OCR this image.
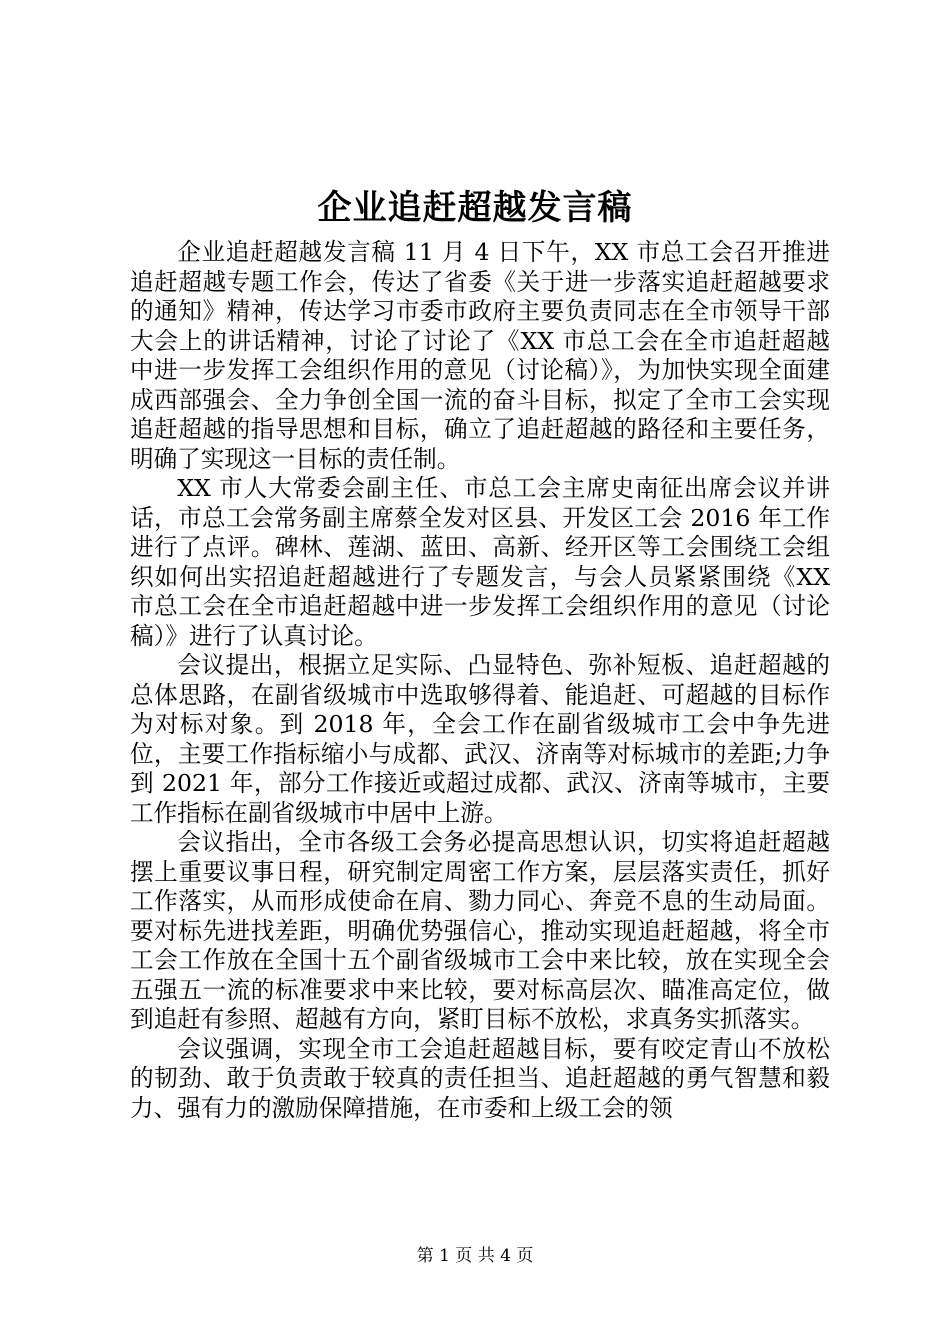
企业追赶超越发言稿

企业追赶超越发言稿 11 月 4 日下午，XX 市总工会召开推进追赶超越专题工作会，传达了省委《关于进一步落实追赶超越要求的通知》精神，传达学习市委市政府主要负责同志在全市领导干部大会上的讲话精神，讨论了讨论了《XX 市总工会在全市追赶超越中进一步发挥工会组织作用的意见（讨论稿）》，为加快实现全面建成西部强会、全力争创全国一流的奋斗目标，拟定了全市工会实现追赶超越的指导思想和目标，确立了追赶超越的路径和主要任务，明确了实现这一目标的责任制。

XX 市人大常委会副主任、市总工会主席史南征出席会议并讲话，市总工会常务副主席蔡全发对区县、开发区工会 2016 年工作进行了点评。碑林、莲湖、蓝田、高新、经开区等工会围绕工会组织如何出实招追赶超越进行了专题发言，与会人员紧紧围绕《XX 市总工会在全市追赶超越中进一步发挥工会组织作用的意见（讨论稿）》进行了认真讨论。

会议提出，根据立足实际、凸显特色、弥补短板、追赶超越的总体思路，在副省级城市中选取够得着、能追赶、可超越的目标作为对标对象。到 2018 年，全会工作在副省级城市工会中争先进位，主要工作指标缩小与成都、武汉、济南等对标城市的差距;力争到 2021 年，部分工作接近或超过成都、武汉、济南等城市，主要工作指标在副省级城市中居中上游。

会议指出，全市各级工会务必提高思想认识，切实将追赶超越摆上重要议事日程，研究制定周密工作方案，层层落实责任，抓好工作落实，从而形成使命在肩、勠力同心、奔竞不息的生动局面。要对标先进找差距，明确优势强信心，推动实现追赶超越，将全市工会工作放在全国十五个副省级城市工会中来比较，放在实现全会五强五一流的标准要求中来比较，要对标高层次、瞄准高定位，做到追赶有参照、超越有方向，紧盯目标不放松，求真务实抓落实。

会议强调，实现全市工会追赶超越目标，要有咬定青山不放松的韧劲、敢于负责敢于较真的责任担当、追赶超越的勇气智慧和毅力、强有力的激励保障措施，在市委和上级工会的领

第 1 页 共 4 页
